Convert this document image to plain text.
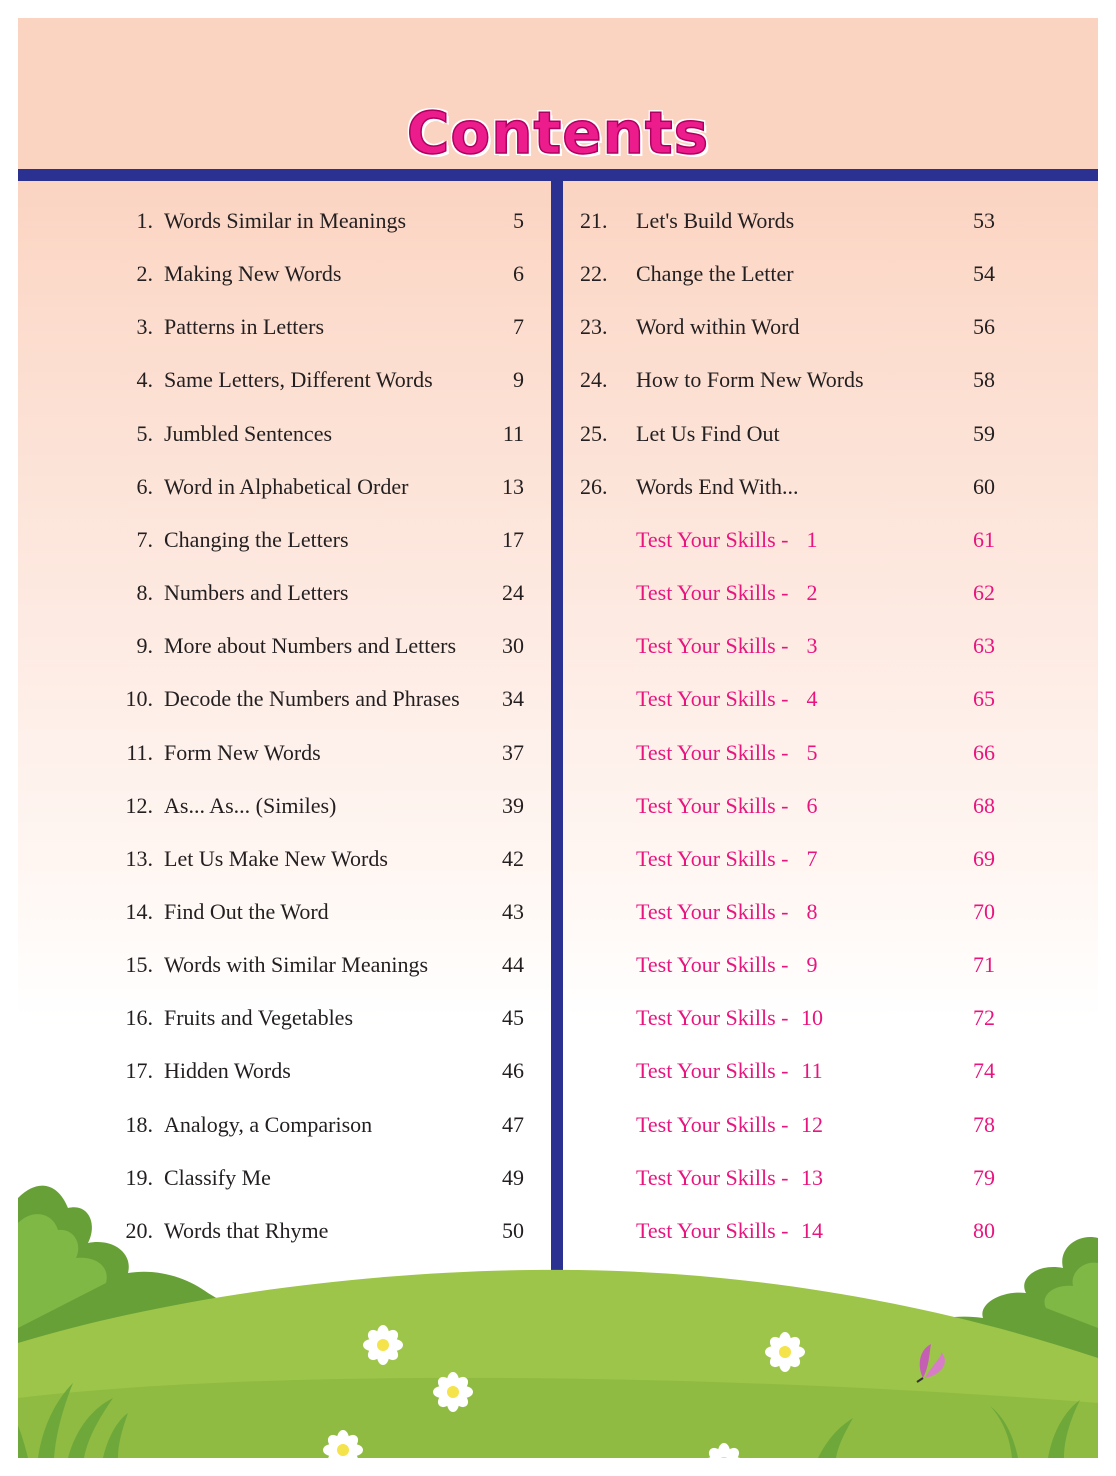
Contents
1. Words Similar in Meanings	5
2. Making New Words	6
3. Patterns in Letters	7
4. Same Letters, Different Words	9
5. Jumbled Sentences	11
6. Word in Alphabetical Order	13
7. Changing the Letters	17
8. Numbers and Letters	24
9. More about Numbers and Letters 30
10. Decode the Numbers and Phrases 34
11. Form New Words	37
12. As... As... (Similes)	39
13. Let Us Make New Words	42
14. Find Out the Word	43
15. Words with Similar Meanings	44
16. Fruits and Vegetables	45
17. Hidden Words	46
18. Analogy, a Comparison	47
19. Classify Me	49
20. Words that Rhyme	50
21. Let's Build Words	53
22. Change the Letter	54
23. Word within Word	56
24. How to Form New Words	58
25. Let Us Find Out	59
26. Words End With...	60
Test Your Skills - 1	61
Test Your Skills - 2	62
Test Your Skills - 3	63
Test Your Skills - 4	65
Test Your Skills - 5	66
Test Your Skills - 6	68
Test Your Skills - 7	69
Test Your Skills - 8	70
Test Your Skills - 9	71
Test Your Skills - 10	72
Test Your Skills - 11	74
Test Your Skills - 12	78
Test Your Skills - 13	79
Test Your Skills - 14	80
